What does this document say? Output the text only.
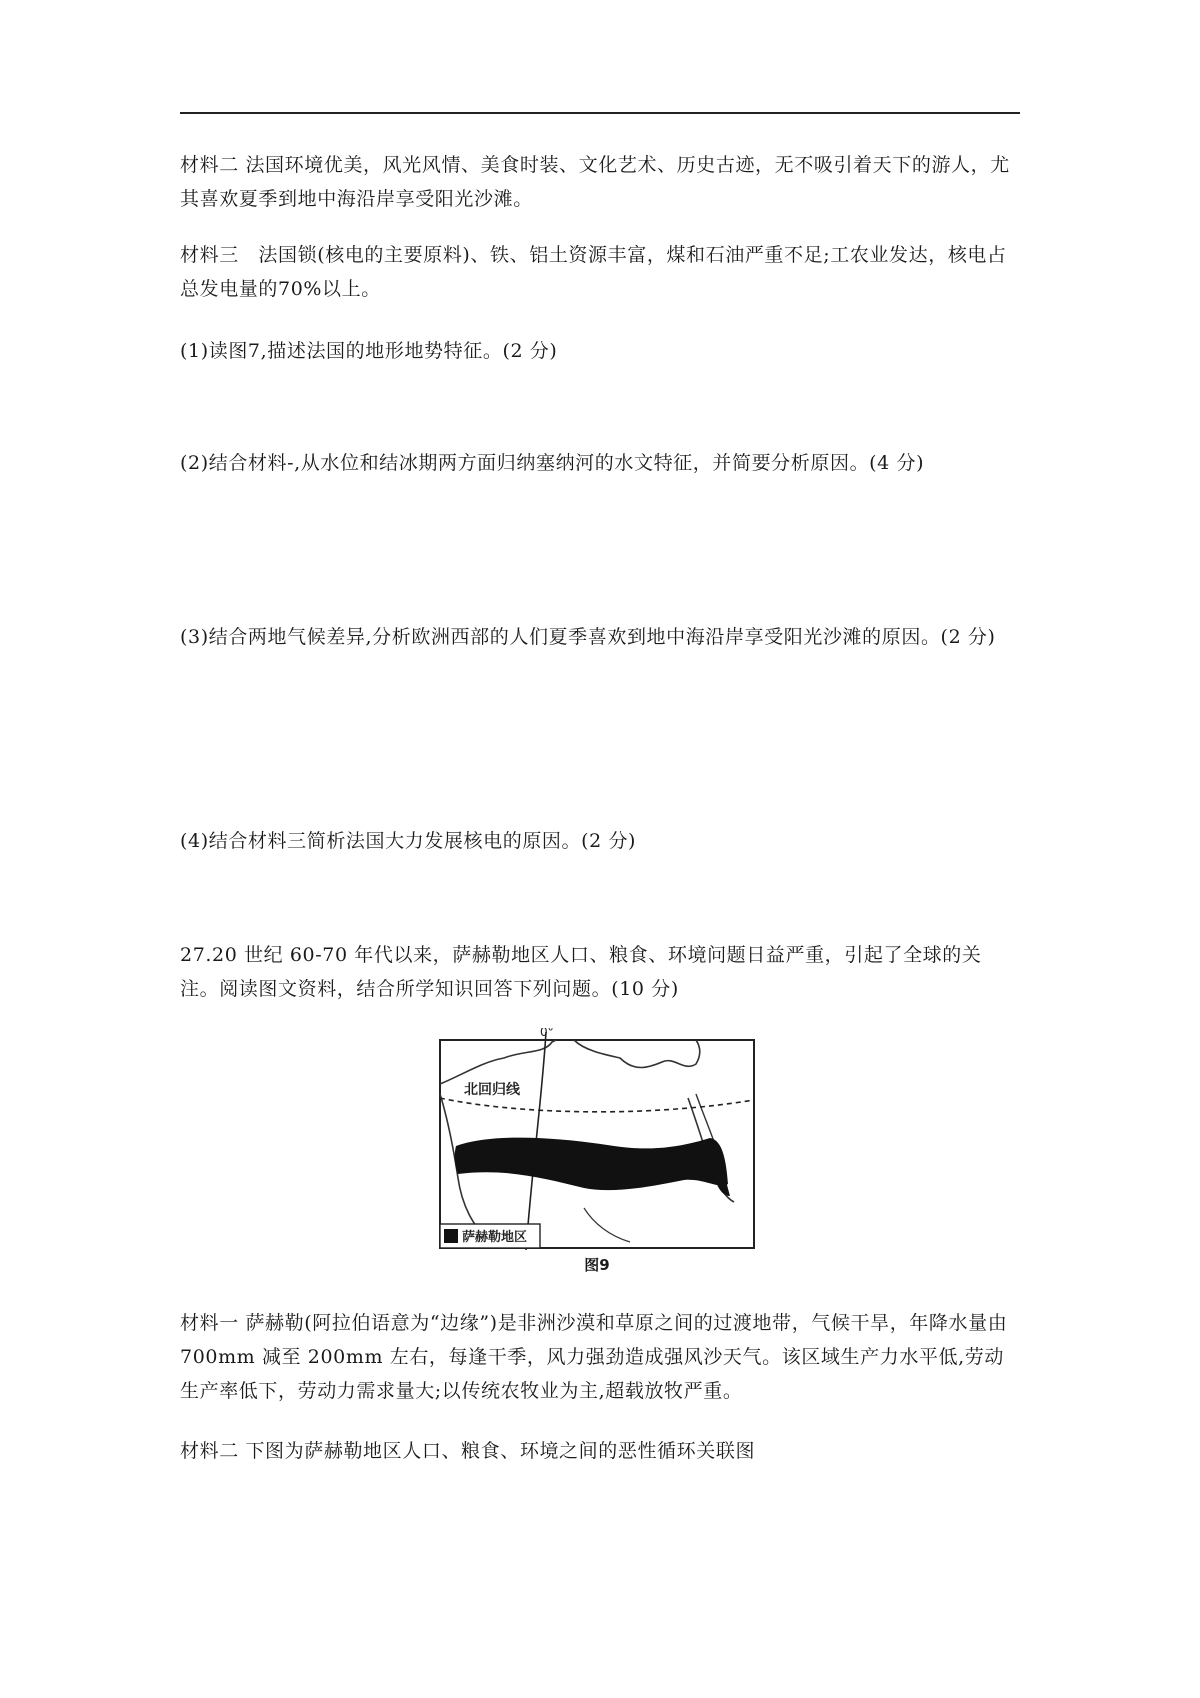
材料二 法国环境优美，风光风情、美食时装、文化艺术、历史古迹，无不吸引着天下的游人，尤其喜欢夏季到地中海沿岸享受阳光沙滩。

材料三　法国锁(核电的主要原料)、铁、铝土资源丰富，煤和石油严重不足;工农业发达，核电占总发电量的70%以上。

(1)读图7,描述法国的地形地势特征。(2 分)

(2)结合材料-,从水位和结冰期两方面归纳塞纳河的水文特征，并简要分析原因。(4 分)

(3)结合两地气候差异,分析欧洲西部的人们夏季喜欢到地中海沿岸享受阳光沙滩的原因。(2 分)

(4)结合材料三简析法国大力发展核电的原因。(2 分)

27.20 世纪 60-70 年代以来，萨赫勒地区人口、粮食、环境问题日益严重，引起了全球的关注。阅读图文资料，结合所学知识回答下列问题。(10 分)

0°
北回归线
萨赫勒地区
图9

材料一 萨赫勒(阿拉伯语意为“边缘”)是非洲沙漠和草原之间的过渡地带，气候干旱，年降水量由 700mm 减至 200mm 左右，每逢干季，风力强劲造成强风沙天气。该区域生产力水平低,劳动生产率低下，劳动力需求量大;以传统农牧业为主,超载放牧严重。

材料二 下图为萨赫勒地区人口、粮食、环境之间的恶性循环关联图
